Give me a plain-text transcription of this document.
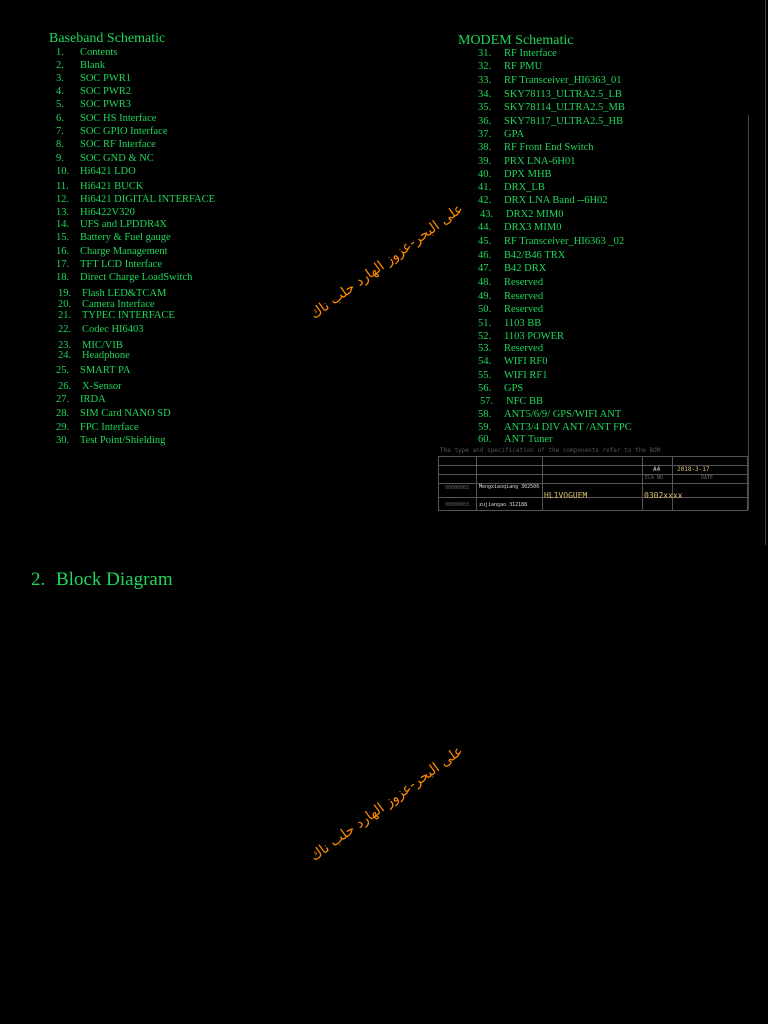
Baseband Schematic
1. Contents
2. Blank
3. SOC PWR1
4. SOC PWR2
5. SOC PWR3
6. SOC HS Interface
7. SOC GPIO Interface
8. SOC RF Interface
9. SOC GND & NC
10. Hi6421 LDO
11. Hi6421 BUCK
12. Hi6421 DIGITAL INTERFACE
13. Hi6422V320
14. UFS and LPDDR4X
15. Battery & Fuel gauge
16. Charge Management
17. TFT LCD Interface
18. Direct Charge LoadSwitch
19. Flash LED&TCAM
20. Camera Interface
21. TYPEC INTERFACE
22. Codec HI6403
23. MIC/VIB
24. Headphone
25. SMART PA
26. X-Sensor
27. IRDA
28. SIM Card NANO SD
29. FPC Interface
30. Test Point/Shielding
MODEM Schematic
31. RF Interface
32. RF PMU
33. RF Transceiver_HI6363_01
34. SKY78113_ULTRA2.5_LB
35. SKY78114_ULTRA2.5_MB
36. SKY78117_ULTRA2.5_HB
37. GPA
38. RF Front End Switch
39. PRX LNA-6H01
40. DPX MHB
41. DRX_LB
42. DRX LNA Band --6H02
43. DRX2 MIM0
44. DRX3 MIM0
45. RF Transceiver_HI6363 _02
46. B42/B46 TRX
47. B42 DRX
48. Reserved
49. Reserved
50. Reserved
51. 1103 BB
52. 1103 POWER
53. Reserved
54. WIFI RF0
55. WIFI RF1
56. GPS
57. NFC BB
58. ANT5/6/9/ GPS/WIFI ANT
59. ANT3/4 DIV ANT /ANT FPC
60. ANT Tuner
The type and specification of the components refer to the BOM
A4	2018-3-17
ECA NO	DATE
00000002 Mengxiaoqiang 302506
00000003 zujiangao 312188
HL1VOGUEM	0302xxxx
2. Block Diagram
على البحر-عزوز الهارد حلب ناك
على البحر-عزوز الهارد حلب ناك
